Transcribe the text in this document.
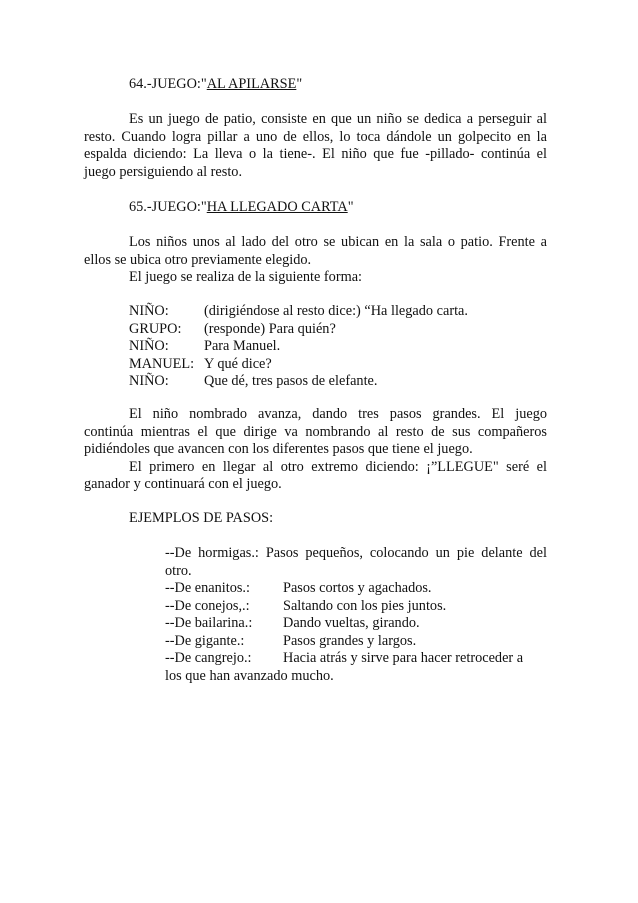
64.-JUEGO:"AL APILARSE"

Es un juego de patio, consiste en que un niño se dedica a perseguir al

resto. Cuando logra pillar a uno de ellos, lo toca dándole un golpecito en la

espalda diciendo: La lleva o la tiene-. El niño que fue -pillado- continúa el

juego persiguiendo al resto.

65.-JUEGO:"HA LLEGADO CARTA"

Los niños unos al lado del otro se ubican en la sala o patio. Frente a

ellos se ubica otro previamente elegido.

El juego se realiza de la siguiente forma:

NIÑO: (dirigiéndose al resto dice:) “Ha llegado carta.
GRUPO: (responde) Para quién?
NIÑO: Para Manuel.
MANUEL: Y qué dice?
NIÑO: Que dé, tres pasos de elefante.

El niño nombrado avanza, dando tres pasos grandes. El juego

continúa mientras el que dirige va nombrando al resto de sus compañeros

pidiéndoles que avancen con los diferentes pasos que tiene el juego.

El primero en llegar al otro extremo diciendo: ¡”LLEGUE" seré el

ganador y continuará con el juego.

EJEMPLOS DE PASOS:

--De hormigas.: Pasos pequeños, colocando un pie delante del

otro.

--De enanitos.: Pasos cortos y agachados.
--De conejos,.: Saltando con los pies juntos.
--De bailarina.: Dando vueltas, girando.
--De gigante.:	Pasos grandes y largos.
--De cangrejo.: Hacia atrás y sirve para hacer retroceder a

los que han avanzado mucho.
